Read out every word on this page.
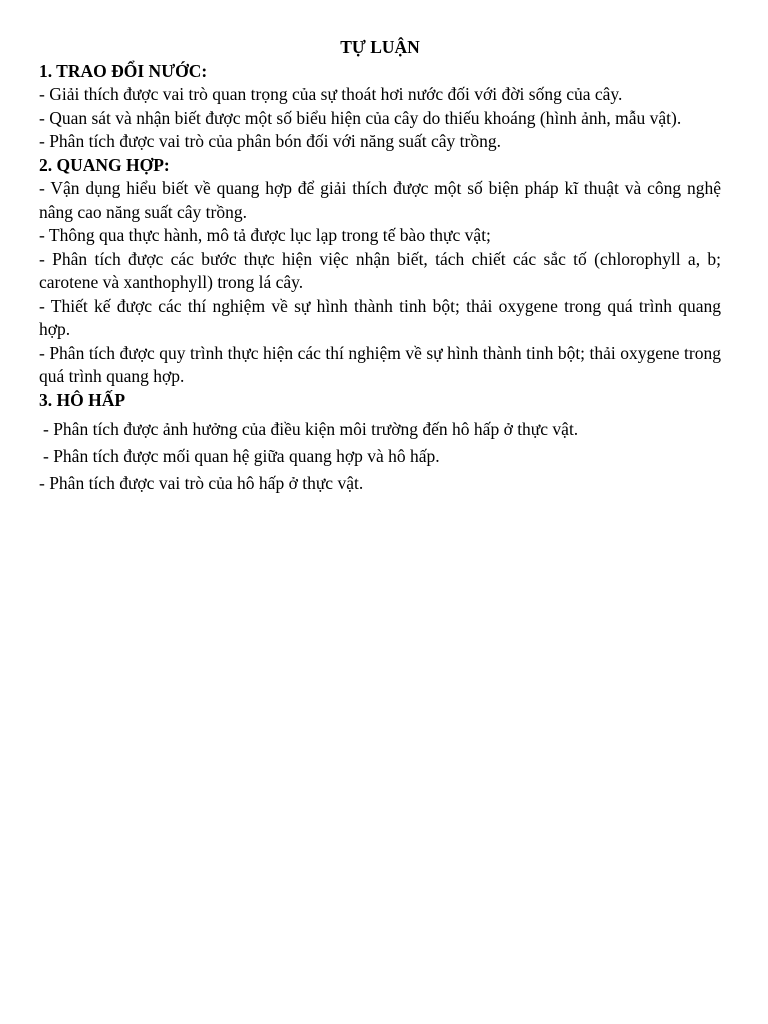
TỰ LUẬN

1. TRAO ĐỔI NƯỚC:

- Giải thích được vai trò quan trọng của sự thoát hơi nước đối với đời sống của cây.

- Quan sát và nhận biết được một số biểu hiện của cây do thiếu khoáng (hình ảnh, mẫu vật).

- Phân tích được vai trò của phân bón đối với năng suất cây trồng.

2. QUANG HỢP:

- Vận dụng hiểu biết về quang hợp để giải thích được một số biện pháp kĩ thuật và công nghệ nâng cao năng suất cây trồng.

- Thông qua thực hành, mô tả được lục lạp trong tế bào thực vật;

- Phân tích được các bước thực hiện việc nhận biết, tách chiết các sắc tố (chlorophyll a, b; carotene và xanthophyll) trong lá cây.

- Thiết kế được các thí nghiệm về sự hình thành tinh bột; thải oxygene trong quá trình quang hợp.

- Phân tích được quy trình thực hiện các thí nghiệm về sự hình thành tinh bột; thải oxygene trong quá trình quang hợp.

3. HÔ HẤP

- Phân tích được ảnh hưởng của điều kiện môi trường đến hô hấp ở thực vật.

- Phân tích được mối quan hệ giữa quang hợp và hô hấp.

- Phân tích được vai trò của hô hấp ở thực vật.
